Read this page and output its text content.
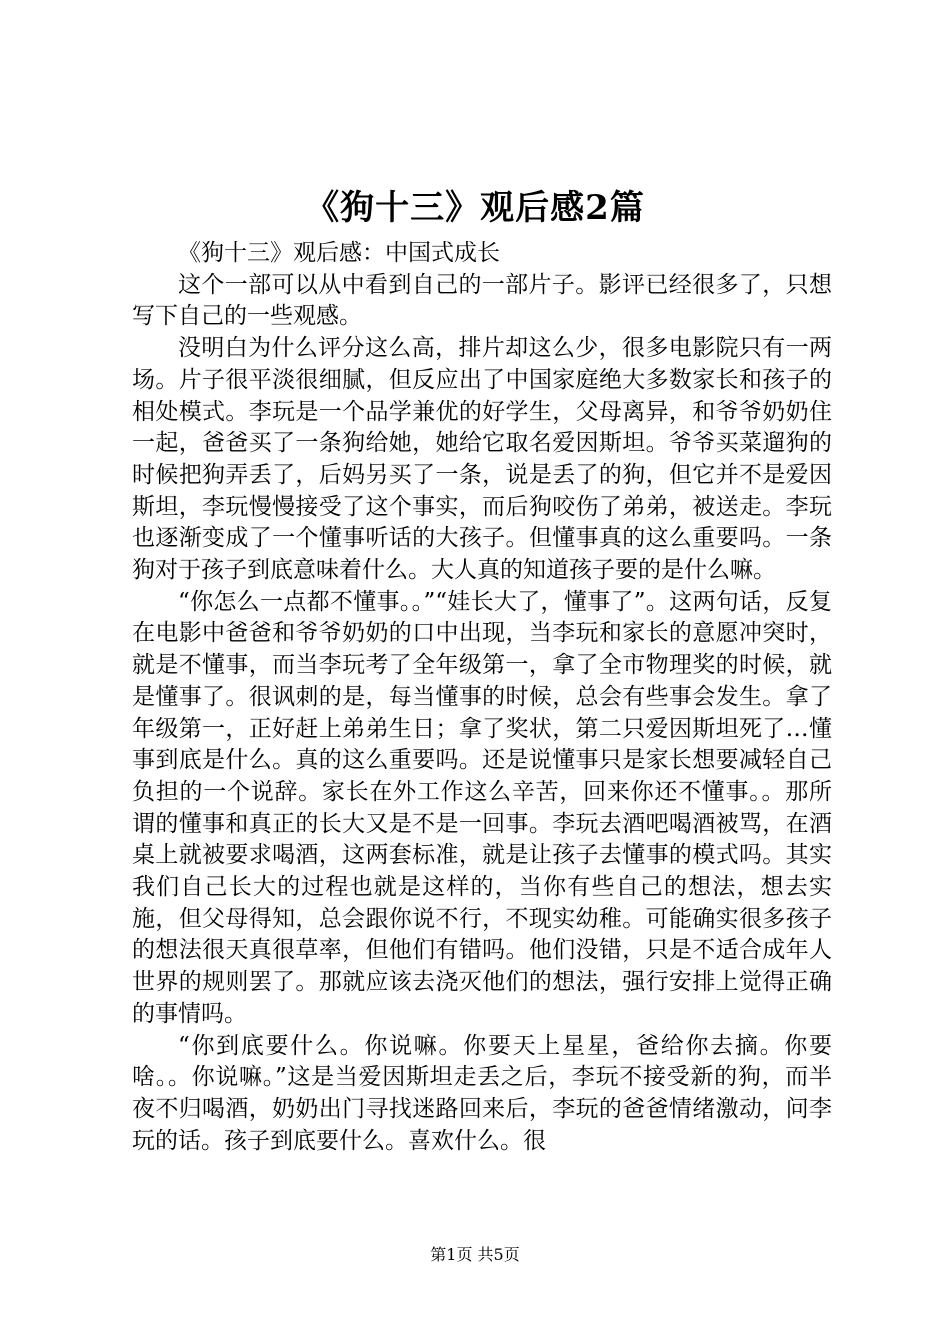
《狗十三》观后感2篇
《狗十三》观后感：中国式成长

这个一部可以从中看到自己的一部片子。影评已经很多了，只想写下自己的一些观感。

没明白为什么评分这么高，排片却这么少，很多电影院只有一两场。片子很平淡很细腻，但反应出了中国家庭绝大多数家长和孩子的相处模式。李玩是一个品学兼优的好学生，父母离异，和爷爷奶奶住一起，爸爸买了一条狗给她，她给它取名爱因斯坦。爷爷买菜遛狗的时候把狗弄丢了，后妈另买了一条，说是丢了的狗，但它并不是爱因斯坦，李玩慢慢接受了这个事实，而后狗咬伤了弟弟，被送走。李玩也逐渐变成了一个懂事听话的大孩子。但懂事真的这么重要吗。一条狗对于孩子到底意味着什么。大人真的知道孩子要的是什么嘛。

“你怎么一点都不懂事。。”“娃长大了，懂事了”。这两句话，反复在电影中爸爸和爷爷奶奶的口中出现，当李玩和家长的意愿冲突时，就是不懂事，而当李玩考了全年级第一，拿了全市物理奖的时候，就是懂事了。很讽刺的是，每当懂事的时候，总会有些事会发生。拿了年级第一，正好赶上弟弟生日；拿了奖状，第二只爱因斯坦死了…懂事到底是什么。真的这么重要吗。还是说懂事只是家长想要减轻自己负担的一个说辞。家长在外工作这么辛苦，回来你还不懂事。。那所谓的懂事和真正的长大又是不是一回事。李玩去酒吧喝酒被骂，在酒桌上就被要求喝酒，这两套标准，就是让孩子去懂事的模式吗。其实我们自己长大的过程也就是这样的，当你有些自己的想法，想去实施，但父母得知，总会跟你说不行，不现实幼稚。可能确实很多孩子的想法很天真很草率，但他们有错吗。他们没错，只是不适合成年人世界的规则罢了。那就应该去浇灭他们的想法，强行安排上觉得正确的事情吗。

“你到底要什么。你说嘛。你要天上星星，爸给你去摘。你要啥。。你说嘛。”这是当爱因斯坦走丢之后，李玩不接受新的狗，而半夜不归喝酒，奶奶出门寻找迷路回来后，李玩的爸爸情绪激动，问李玩的话。孩子到底要什么。喜欢什么。很

第1页 共5页
